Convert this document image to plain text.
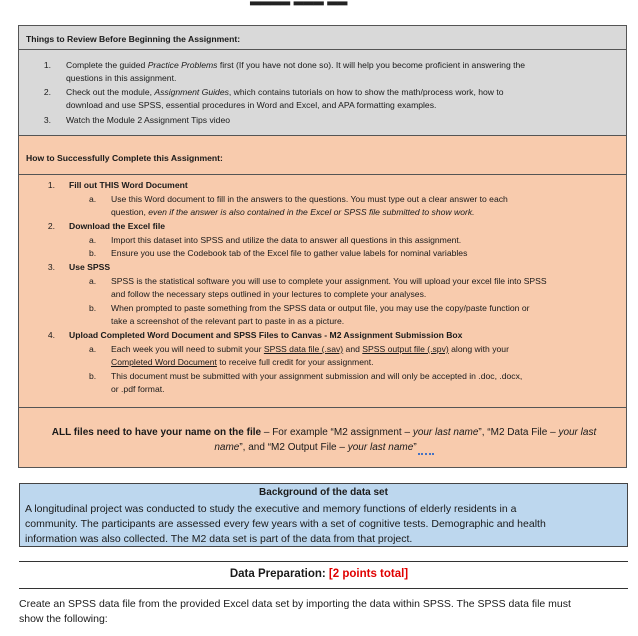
Things to Review Before Beginning the Assignment:
1. Complete the guided Practice Problems first (If you have not done so). It will help you become proficient in answering the
questions in this assignment.
2. Check out the module, Assignment Guides, which contains tutorials on how to show the math/process work, how to
download and use SPSS, essential procedures in Word and Excel, and APA formatting examples.
3. Watch the Module 2 Assignment Tips video
How to Successfully Complete this Assignment:
1. Fill out THIS Word Document
a. Use this Word document to fill in the answers to the questions. You must type out a clear answer to each
question, even if the answer is also contained in the Excel or SPSS file submitted to show work.
2. Download the Excel file
a. Import this dataset into SPSS and utilize the data to answer all questions in this assignment.
b. Ensure you use the Codebook tab of the Excel file to gather value labels for nominal variables
3. Use SPSS
a. SPSS is the statistical software you will use to complete your assignment. You will upload your excel file into SPSS
and follow the necessary steps outlined in your lectures to complete your analyses.
b. When prompted to paste something from the SPSS data or output file, you may use the copy/paste function or
take a screenshot of the relevant part to paste in as a picture.
4. Upload Completed Word Document and SPSS Files to Canvas - M2 Assignment Submission Box
a. Each week you will need to submit your SPSS data file (.sav) and SPSS output file (.spv) along with your
Completed Word Document to receive full credit for your assignment.
b. This document must be submitted with your assignment submission and will only be accepted in .doc, .docx,
or .pdf format.
ALL files need to have your name on the file – For example “M2 assignment – your last name”, “M2 Data File – your last
name”, and “M2 Output File – your last name”
Background of the data set
A longitudinal project was conducted to study the executive and memory functions of elderly residents in a
community. The participants are assessed every few years with a set of cognitive tests. Demographic and health
information was also collected. The M2 data set is part of the data from that project.
Data Preparation: [2 points total]
Create an SPSS data file from the provided Excel data set by importing the data within SPSS. The SPSS data file must
show the following:
